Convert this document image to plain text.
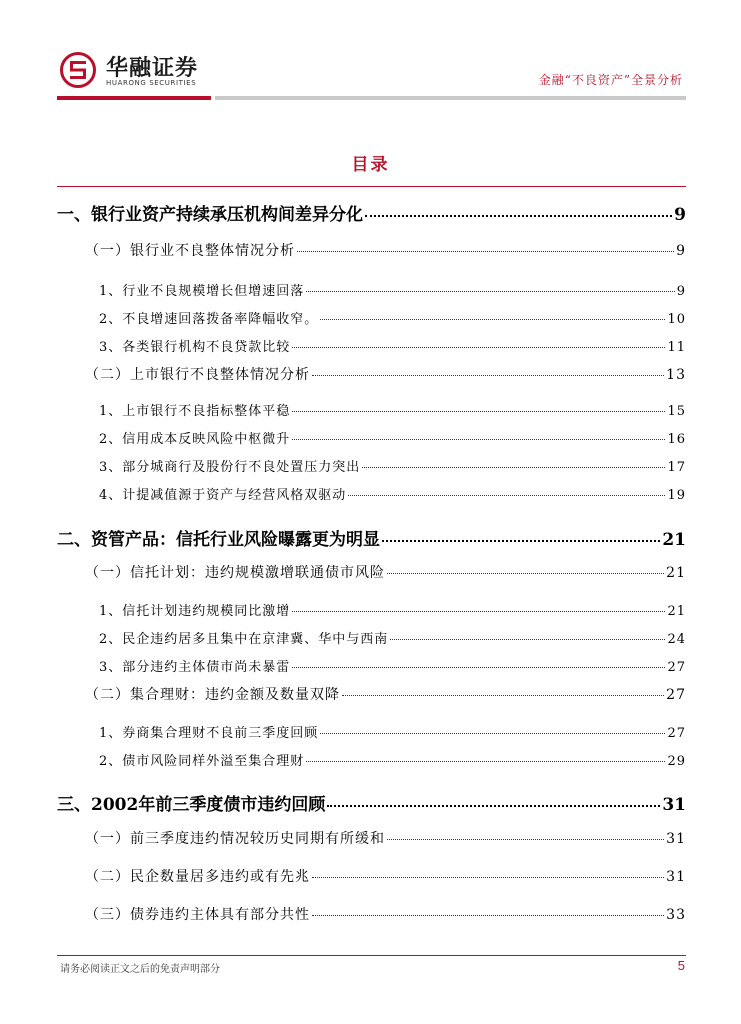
华融证券
HUARONG SECURITIES	金融“不良资产”全景分析
目录
一、银行业资产持续承压机构间差异分化	9
（一）银行业不良整体情况分析	9
1、行业不良规模增长但增速回落	9
2、不良增速回落拨备率降幅收窄。	10
3、各类银行机构不良贷款比较	11
（二）上市银行不良整体情况分析	13
1、上市银行不良指标整体平稳	15
2、信用成本反映风险中枢微升	16
3、部分城商行及股份行不良处置压力突出	17
4、计提减值源于资产与经营风格双驱动	19
二、资管产品：信托行业风险曝露更为明显	21
（一）信托计划：违约规模激增联通债市风险	21
1、信托计划违约规模同比激增	21
2、民企违约居多且集中在京津冀、华中与西南	24
3、部分违约主体债市尚未暴雷	27
（二）集合理财：违约金额及数量双降	27
1、券商集合理财不良前三季度回顾	27
2、债市风险同样外溢至集合理财	29
三、2002年前三季度债市违约回顾	31
（一）前三季度违约情况较历史同期有所缓和	31
（二）民企数量居多违约或有先兆	31
（三）债券违约主体具有部分共性	33
请务必阅读正文之后的免责声明部分	5
